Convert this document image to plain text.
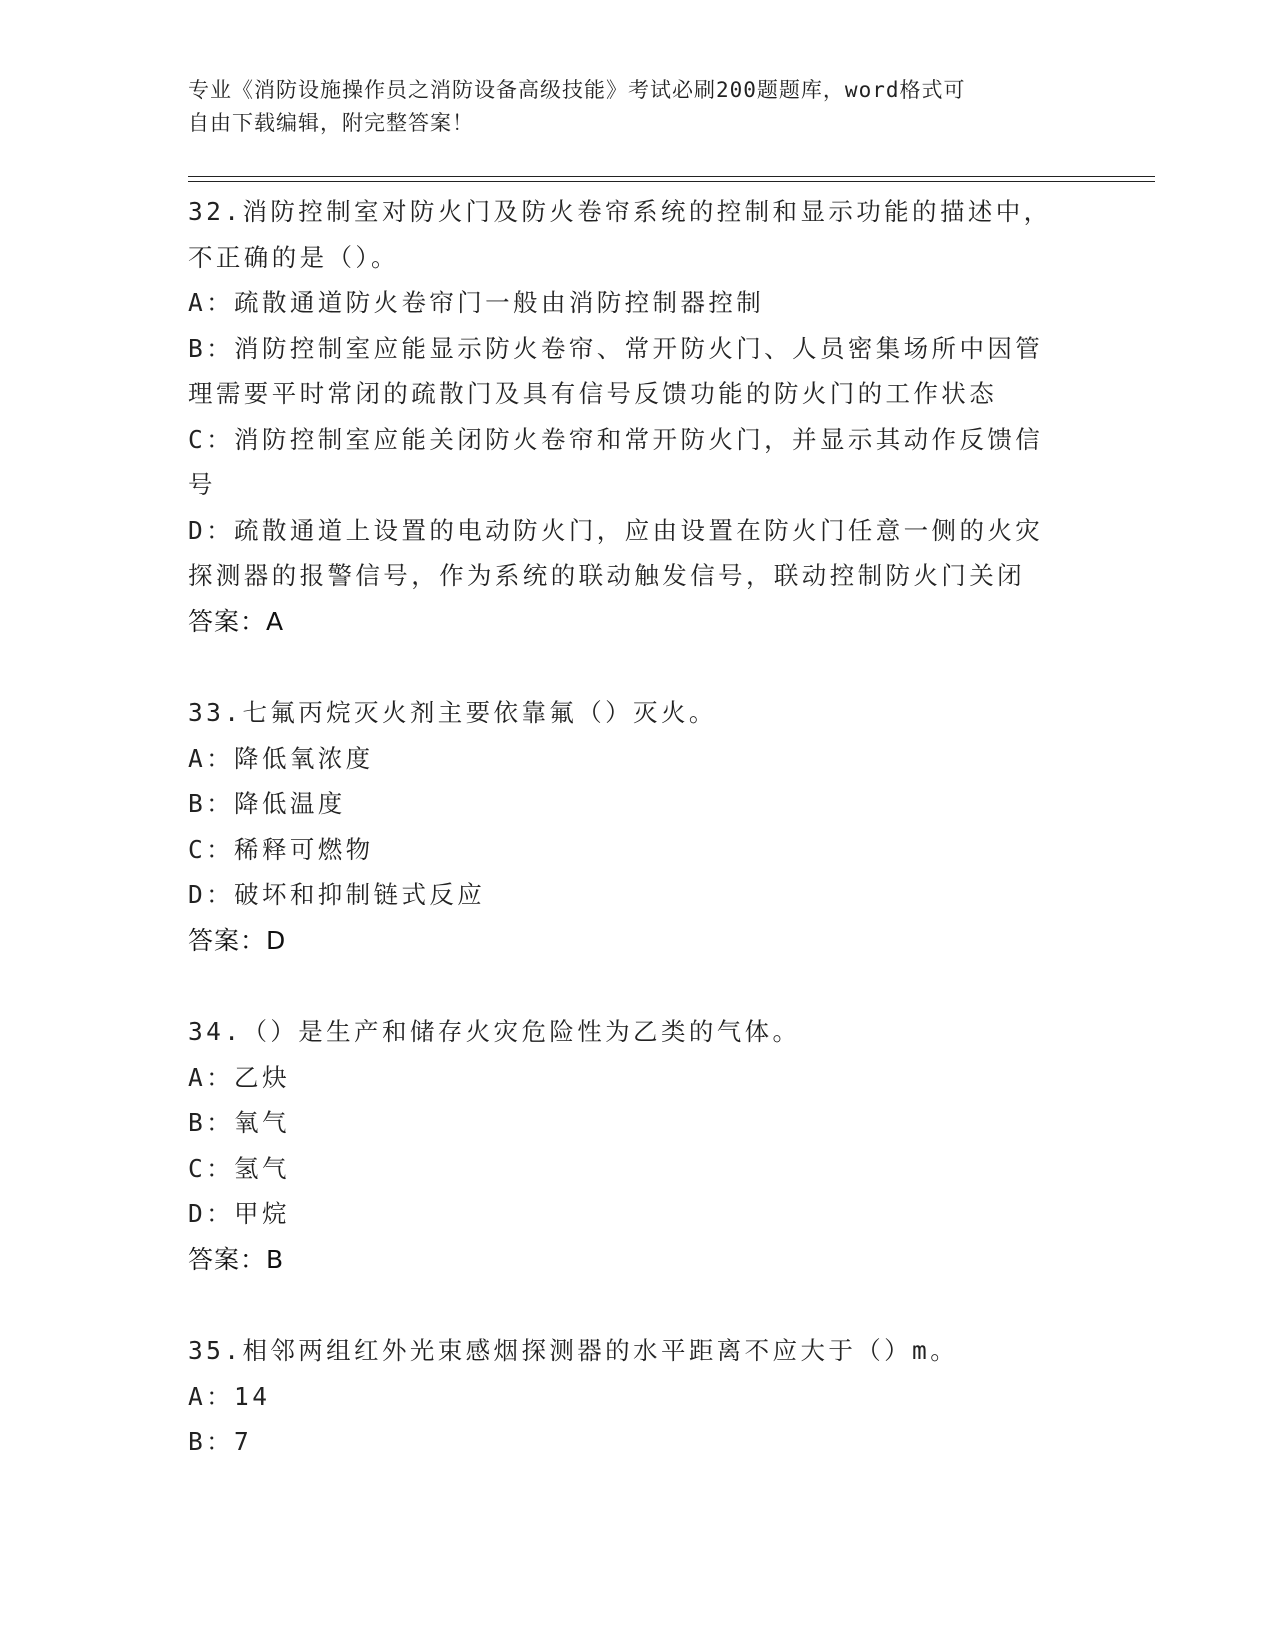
专业《消防设施操作员之消防设备高级技能》考试必刷200题题库，word格式可
自由下载编辑，附完整答案！
32.消防控制室对防火门及防火卷帘系统的控制和显示功能的描述中，
不正确的是（）。
A：疏散通道防火卷帘门一般由消防控制器控制
B：消防控制室应能显示防火卷帘、常开防火门、人员密集场所中因管
理需要平时常闭的疏散门及具有信号反馈功能的防火门的工作状态
C：消防控制室应能关闭防火卷帘和常开防火门，并显示其动作反馈信
号
D：疏散通道上设置的电动防火门，应由设置在防火门任意一侧的火灾
探测器的报警信号，作为系统的联动触发信号，联动控制防火门关闭
答案：A
33.七氟丙烷灭火剂主要依靠氟（）灭火。
A：降低氧浓度
B：降低温度
C：稀释可燃物
D：破坏和抑制链式反应
答案：D
34.（）是生产和储存火灾危险性为乙类的气体。
A：乙炔
B：氧气
C：氢气
D：甲烷
答案：B
35.相邻两组红外光束感烟探测器的水平距离不应大于（）m。
A：14
B：7
